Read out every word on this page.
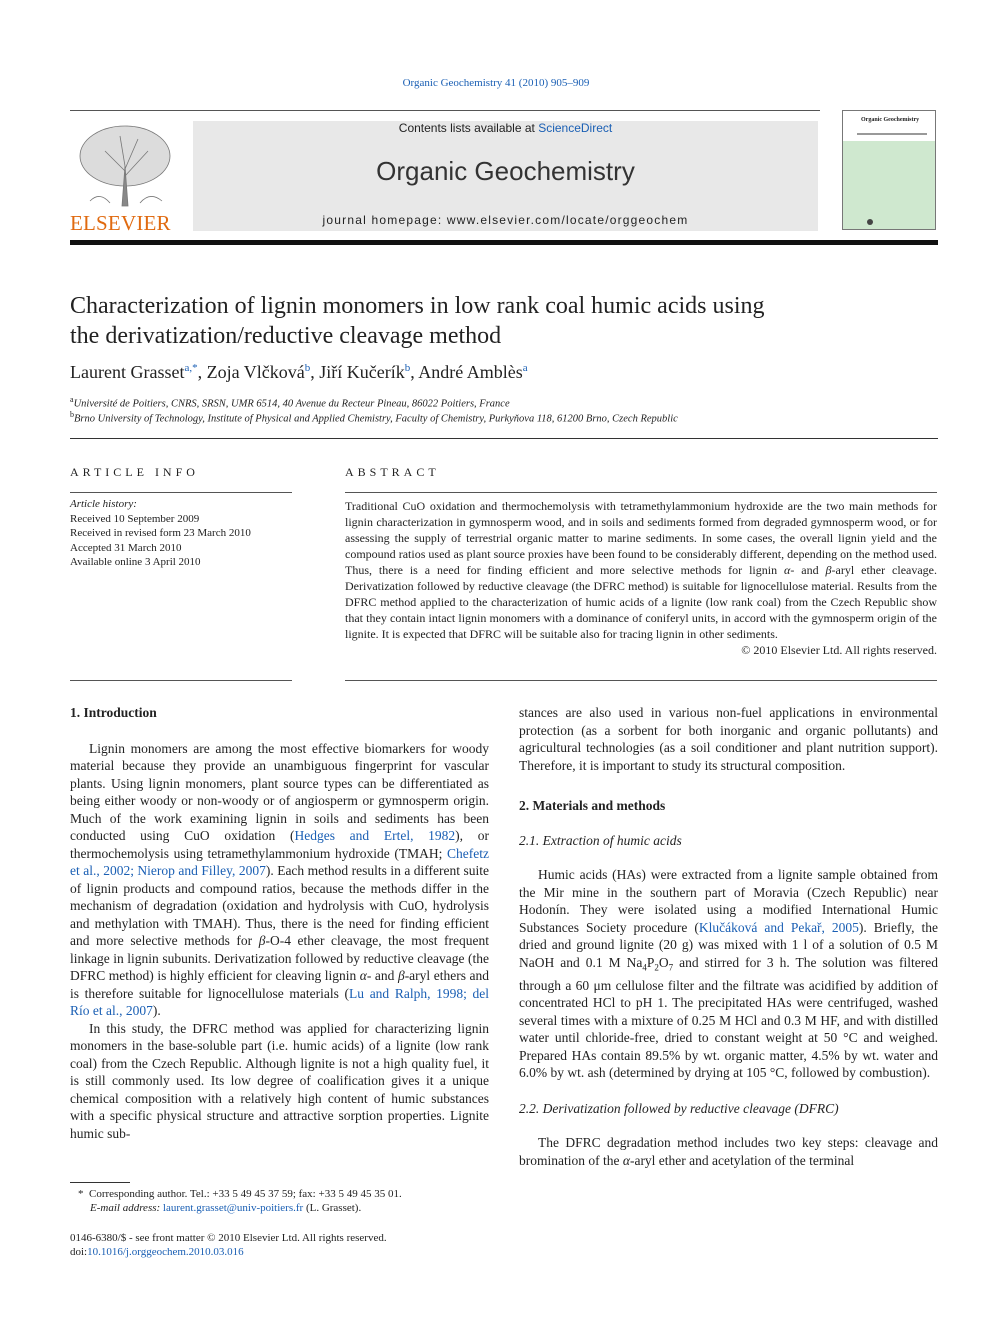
Organic Geochemistry 41 (2010) 905–909
ELSEVIER
Contents lists available at ScienceDirect
Organic Geochemistry
journal homepage: www.elsevier.com/locate/orggeochem
Organic Geochemistry
Characterization of lignin monomers in low rank coal humic acids using
the derivatization/reductive cleavage method
Laurent Grasset$^{a,*}$, Zoja Vlčková$^b$, Jiří Kučerík$^b$, André Amblès$^a$
$^a$Université de Poitiers, CNRS, SRSN, UMR 6514, 40 Avenue du Recteur Pineau, 86022 Poitiers, France
$^b$Brno University of Technology, Institute of Physical and Applied Chemistry, Faculty of Chemistry, Purkyňova 118, 61200 Brno, Czech Republic
ARTICLE INFO
Article history:
Received 10 September 2009
Received in revised form 23 March 2010
Accepted 31 March 2010
Available online 3 April 2010
ABSTRACT
Traditional CuO oxidation and thermochemolysis with tetramethylammonium hydroxide are the two main methods for lignin characterization in gymnosperm wood, and in soils and sediments formed from degraded gymnosperm wood, or for assessing the supply of terrestrial organic matter to marine sediments. In some cases, the overall lignin yield and the compound ratios used as plant source proxies have been found to be considerably different, depending on the method used. Thus, there is a need for finding efficient and more selective methods for lignin α- and β-aryl ether cleavage. Derivatization followed by reductive cleavage (the DFRC method) is suitable for lignocellulose material. Results from the DFRC method applied to the characterization of humic acids of a lignite (low rank coal) from the Czech Republic show that they contain intact lignin monomers with a dominance of coniferyl units, in accord with the gymnosperm origin of the lignite. It is expected that DFRC will be suitable also for tracing lignin in other sediments.
© 2010 Elsevier Ltd. All rights reserved.
1. Introduction

Lignin monomers are among the most effective biomarkers for woody material because they provide an unambiguous fingerprint for vascular plants. Using lignin monomers, plant source types can be differentiated as being either woody or non-woody or of angiosperm or gymnosperm origin. Much of the work examining lignin in soils and sediments has been conducted using CuO oxidation (Hedges and Ertel, 1982), or thermochemolysis using tetramethylammonium hydroxide (TMAH; Chefetz et al., 2002; Nierop and Filley, 2007). Each method results in a different suite of lignin products and compound ratios, because the methods differ in the mechanism of degradation (oxidation and hydrolysis with CuO, hydrolysis and methylation with TMAH). Thus, there is the need for finding efficient and more selective methods for β-O-4 ether cleavage, the most frequent linkage in lignin subunits. Derivatization followed by reductive cleavage (the DFRC method) is highly efficient for cleaving lignin α- and β-aryl ethers and is therefore suitable for lignocellulose materials (Lu and Ralph, 1998; del Río et al., 2007).

In this study, the DFRC method was applied for characterizing lignin monomers in the base-soluble part (i.e. humic acids) of a lignite (low rank coal) from the Czech Republic. Although lignite is not a high quality fuel, it is still commonly used. Its low degree of coalification gives it a unique chemical composition with a relatively high content of humic substances with a specific physical structure and attractive sorption properties. Lignite humic sub-

stances are also used in various non-fuel applications in environmental protection (as a sorbent for both inorganic and organic pollutants) and agricultural technologies (as a soil conditioner and plant nutrition support). Therefore, it is important to study its structural composition.

2. Materials and methods
2.1. Extraction of humic acids

Humic acids (HAs) were extracted from a lignite sample obtained from the Mir mine in the southern part of Moravia (Czech Republic) near Hodonín. They were isolated using a modified International Humic Substances Society procedure (Klučáková and Pekař, 2005). Briefly, the dried and ground lignite (20 g) was mixed with 1 l of a solution of 0.5 M NaOH and 0.1 M $Na_4P_2O_7$ and stirred for 3 h. The solution was filtered through a 60 μm cellulose filter and the filtrate was acidified by addition of concentrated HCl to pH 1. The precipitated HAs were centrifuged, washed several times with a mixture of 0.25 M HCl and 0.3 M HF, and with distilled water until chloride-free, dried to constant weight at 50 °C and weighed. Prepared HAs contain 89.5% by wt. organic matter, 4.5% by wt. water and 6.0% by wt. ash (determined by drying at 105 °C, followed by combustion).

2.2. Derivatization followed by reductive cleavage (DFRC)

The DFRC degradation method includes two key steps: cleavage and bromination of the α-aryl ether and acetylation of the terminal

* Corresponding author. Tel.: +33 5 49 45 37 59; fax: +33 5 49 45 35 01.
E-mail address: laurent.grasset@univ-poitiers.fr (L. Grasset).
0146-6380/$ - see front matter © 2010 Elsevier Ltd. All rights reserved.
doi:10.1016/j.orggeochem.2010.03.016
